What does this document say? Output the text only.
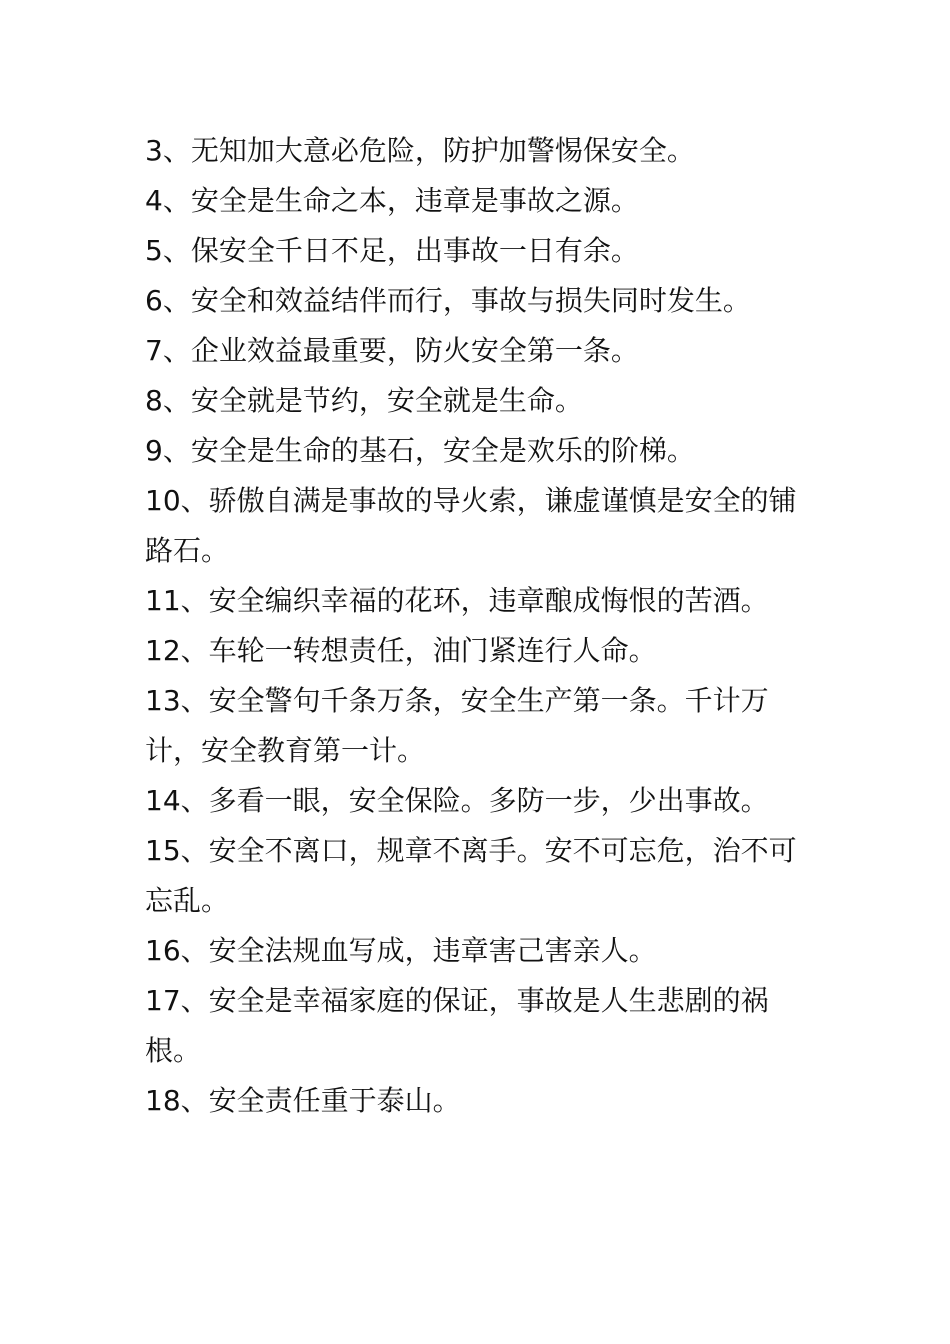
3、无知加大意必危险，防护加警惕保安全。

4、安全是生命之本，违章是事故之源。

5、保安全千日不足，出事故一日有余。

6、安全和效益结伴而行，事故与损失同时发生。

7、企业效益最重要，防火安全第一条。

8、安全就是节约，安全就是生命。

9、安全是生命的基石，安全是欢乐的阶梯。

10、骄傲自满是事故的导火索，谦虚谨慎是安全的铺路石。

11、安全编织幸福的花环，违章酿成悔恨的苦酒。

12、车轮一转想责任，油门紧连行人命。

13、安全警句千条万条，安全生产第一条。千计万计，安全教育第一计。

14、多看一眼，安全保险。多防一步，少出事故。

15、安全不离口，规章不离手。安不可忘危，治不可忘乱。

16、安全法规血写成，违章害己害亲人。

17、安全是幸福家庭的保证，事故是人生悲剧的祸根。

18、安全责任重于泰山。
